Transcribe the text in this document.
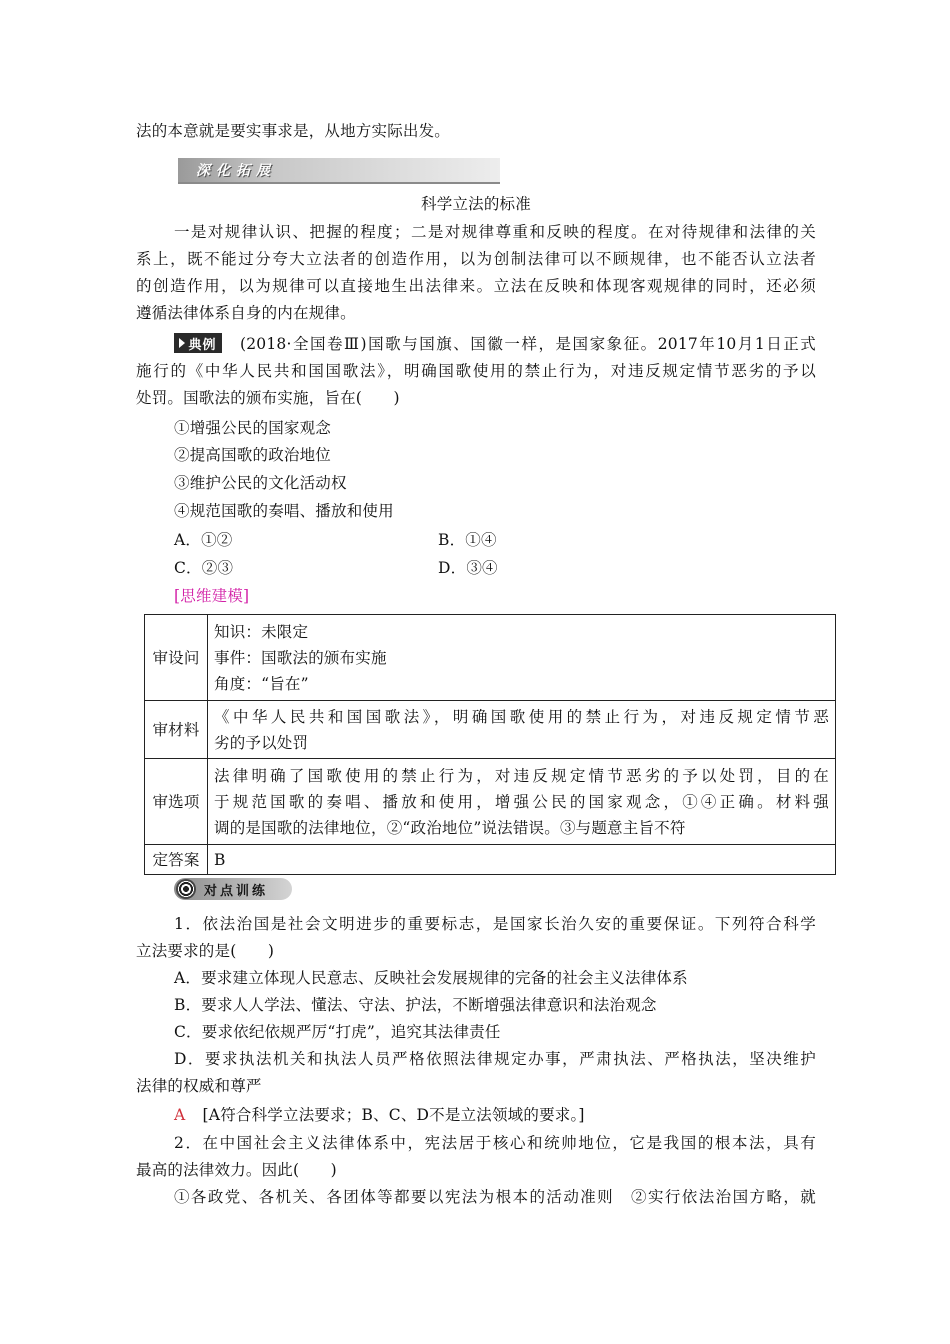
法的本意就是要实事求是，从地方实际出发。
深化拓展
科学立法的标准
一是对规律认识、把握的程度；二是对规律尊重和反映的程度。在对待规律和法律的关
系上，既不能过分夸大立法者的创造作用，以为创制法律可以不顾规律，也不能否认立法者
的创造作用，以为规律可以直接地生出法律来。立法在反映和体现客观规律的同时，还必须
遵循法律体系自身的内在规律。
典例 (2018·全国卷Ⅲ)国歌与国旗、国徽一样，是国家象征。2017年10月1日正式
施行的《中华人民共和国国歌法》，明确国歌使用的禁止行为，对违反规定情节恶劣的予以
处罚。国歌法的颁布实施，旨在(　　)
①增强公民的国家观念
②提高国歌的政治地位
③维护公民的文化活动权
④规范国歌的奏唱、播放和使用
A．①②	B．①④
C．②③	D．③④
[思维建模]
审设问	知识：未限定
事件：国歌法的颁布实施
角度：“旨在”

审材料	《中华人民共和国国歌法》，明确国歌使用的禁止行为，对违反规定情节恶
劣的予以处罚

审选项	法律明确了国歌使用的禁止行为，对违反规定情节恶劣的予以处罚，目的在
于规范国歌的奏唱、播放和使用，增强公民的国家观念，①④正确。材料强
调的是国歌的法律地位，②“政治地位”说法错误。③与题意主旨不符

定答案	B
对点训练
1．依法治国是社会文明进步的重要标志，是国家长治久安的重要保证。下列符合科学
立法要求的是(　　)
A．要求建立体现人民意志、反映社会发展规律的完备的社会主义法律体系
B．要求人人学法、懂法、守法、护法，不断增强法律意识和法治观念
C．要求依纪依规严厉“打虎”，追究其法律责任
D．要求执法机关和执法人员严格依照法律规定办事，严肃执法、严格执法，坚决维护
法律的权威和尊严
A [A符合科学立法要求；B、C、D不是立法领域的要求。]
2．在中国社会主义法律体系中，宪法居于核心和统帅地位，它是我国的根本法，具有
最高的法律效力。因此(　　)
①各政党、各机关、各团体等都要以宪法为根本的活动准则　②实行依法治国方略，就
